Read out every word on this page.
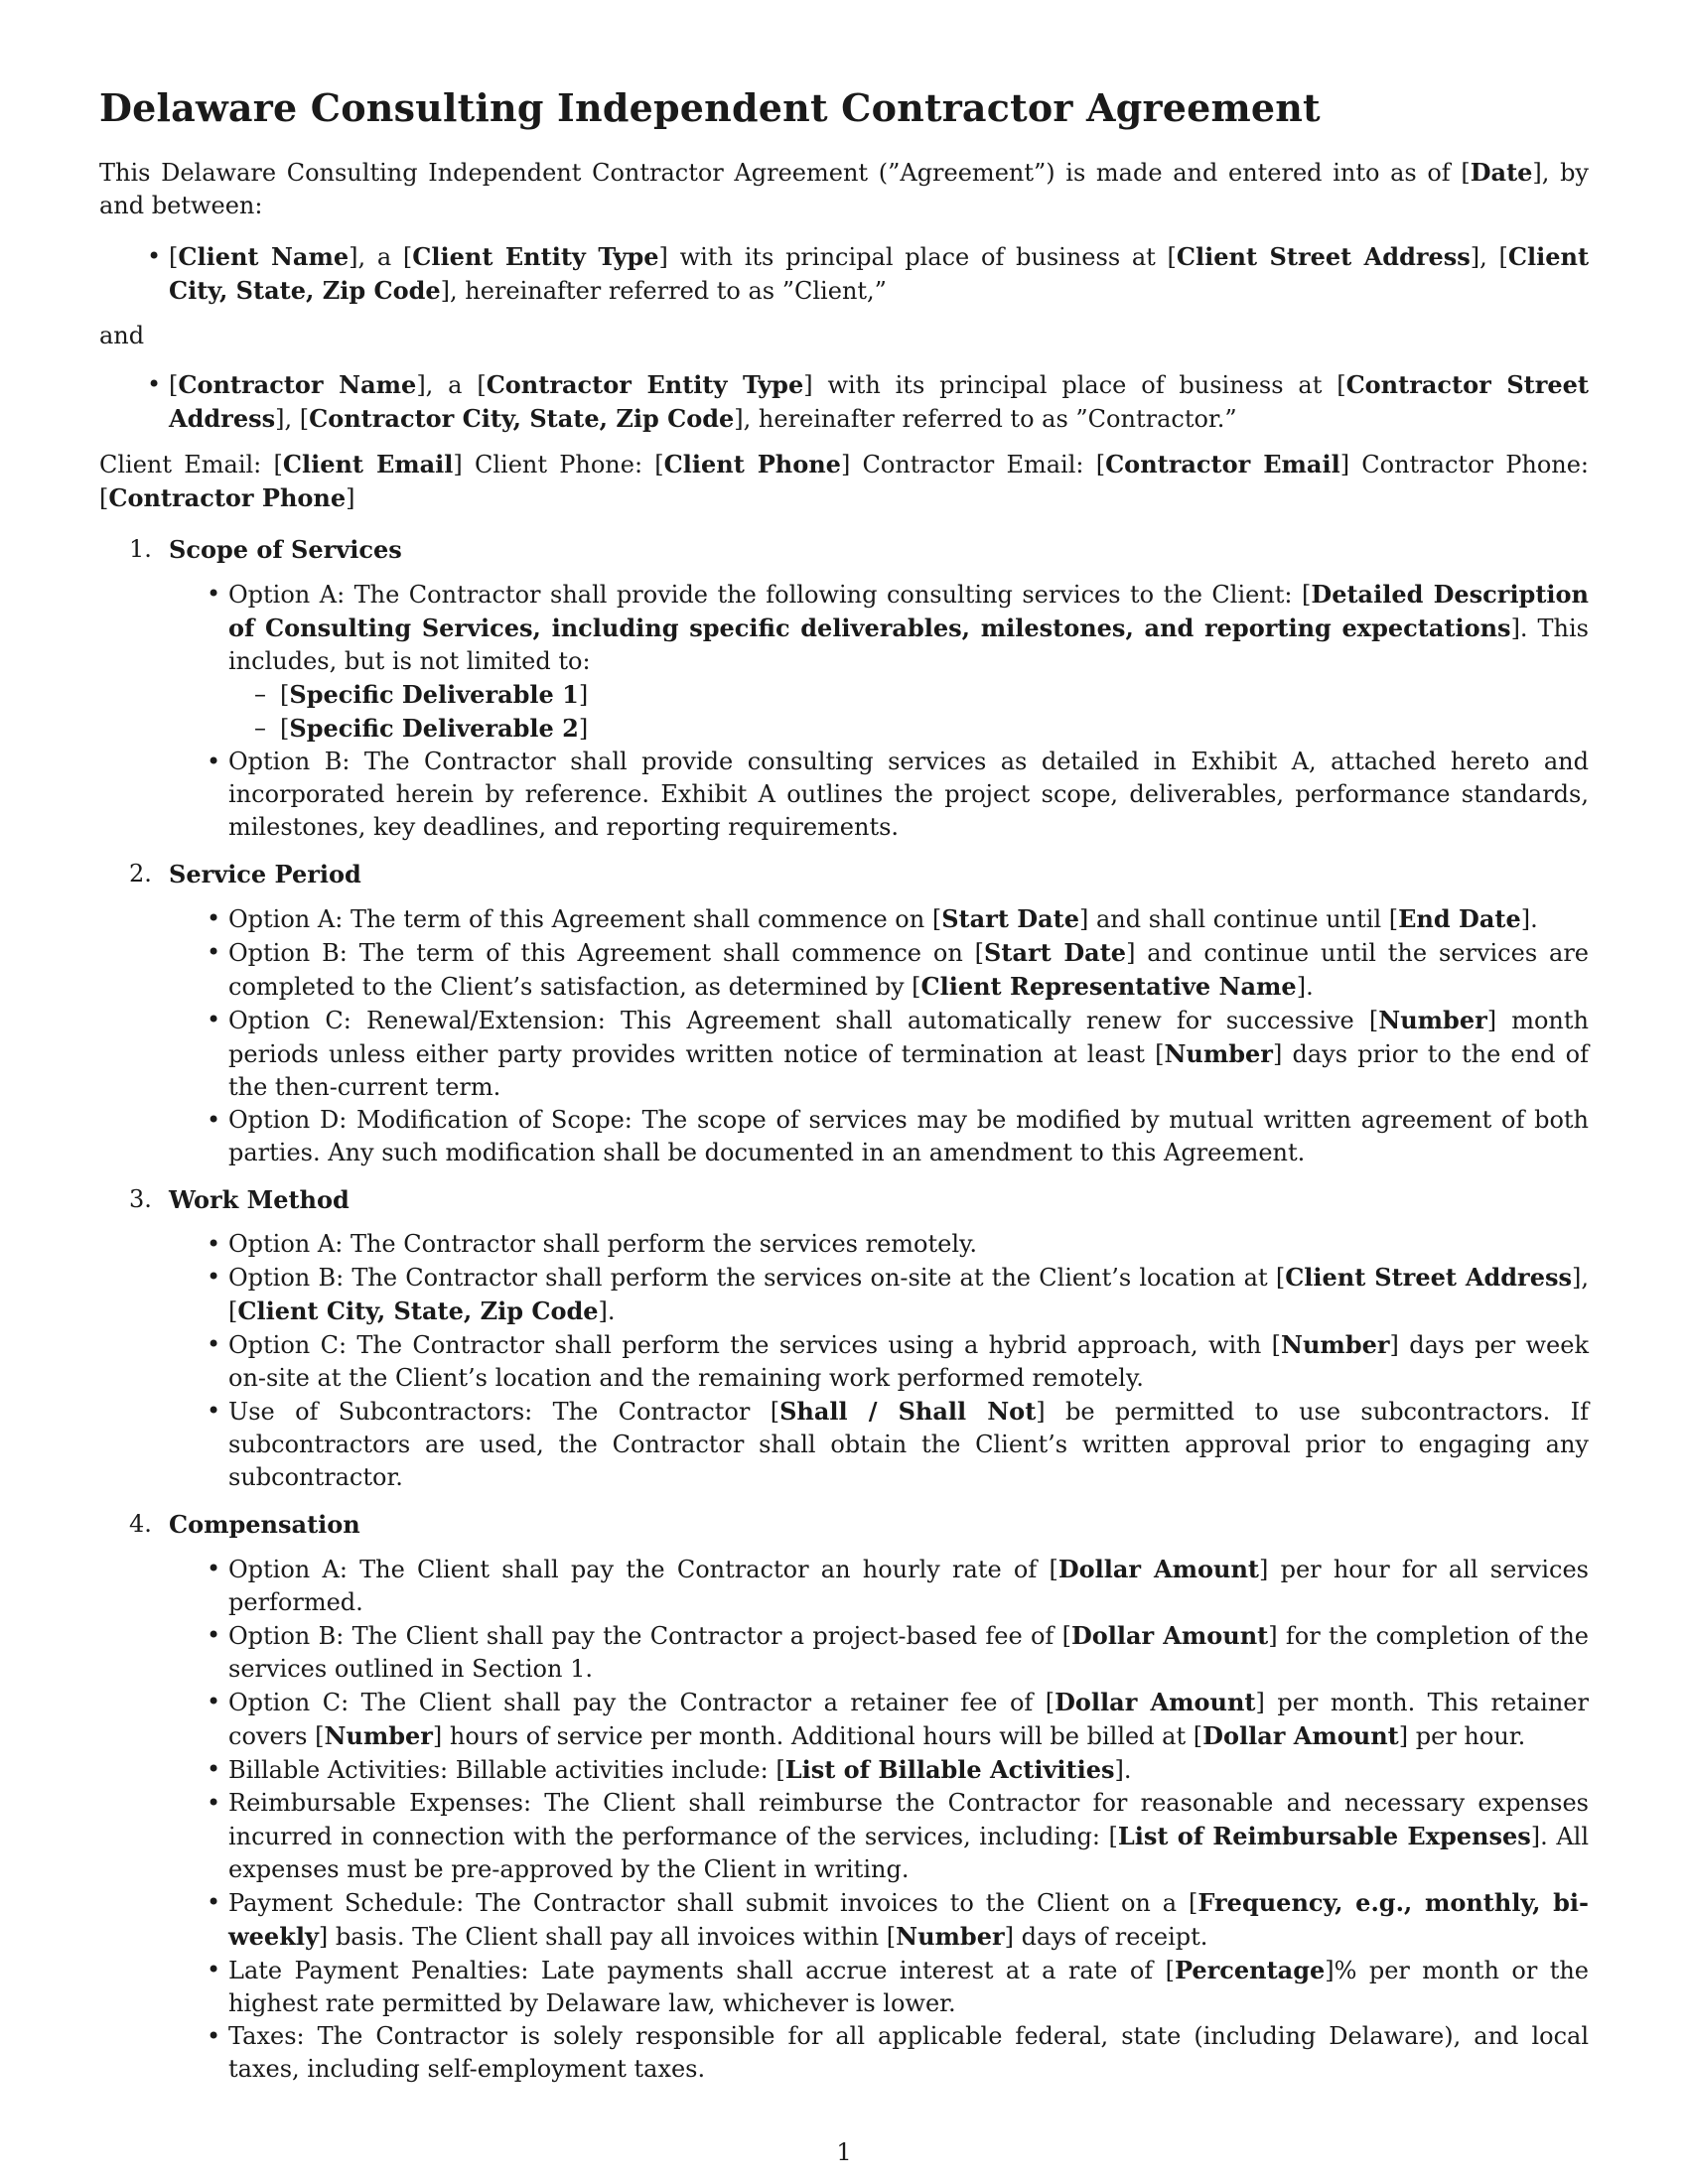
Delaware Consulting Independent Contractor Agreement

This Delaware Consulting Independent Contractor Agreement (”Agreement”) is made and entered into as of [Date], by and between:

• [Client Name], a [Client Entity Type] with its principal place of business at [Client Street Address], [Client City, State, Zip Code], hereinafter referred to as ”Client,”

and

• [Contractor Name], a [Contractor Entity Type] with its principal place of business at [Contractor Street Address], [Contractor City, State, Zip Code], hereinafter referred to as ”Contractor.”

Client Email: [Client Email] Client Phone: [Client Phone] Contractor Email: [Contractor Email] Contractor Phone: [Contractor Phone]

1. Scope of Services

• Option A: The Contractor shall provide the following consulting services to the Client: [Detailed Description of Consulting Services, including specific deliverables, milestones, and reporting expectations]. This includes, but is not limited to:

– [Specific Deliverable 1]
– [Specific Deliverable 2]
• Option B: The Contractor shall provide consulting services as detailed in Exhibit A, attached hereto and incorporated herein by reference. Exhibit A outlines the project scope, deliverables, performance standards, milestones, key deadlines, and reporting requirements.

2. Service Period

• Option A: The term of this Agreement shall commence on [Start Date] and shall continue until [End Date].
• Option B: The term of this Agreement shall commence on [Start Date] and continue until the services are completed to the Client’s satisfaction, as determined by [Client Representative Name].
• Option C: Renewal/Extension: This Agreement shall automatically renew for successive [Number] month periods unless either party provides written notice of termination at least [Number] days prior to the end of the then-current term.
• Option D: Modification of Scope: The scope of services may be modified by mutual written agreement of both parties. Any such modification shall be documented in an amendment to this Agreement.

3. Work Method

• Option A: The Contractor shall perform the services remotely.
• Option B: The Contractor shall perform the services on-site at the Client’s location at [Client Street Address], [Client City, State, Zip Code].
• Option C: The Contractor shall perform the services using a hybrid approach, with [Number] days per week on-site at the Client’s location and the remaining work performed remotely.
• Use of Subcontractors: The Contractor [Shall / Shall Not] be permitted to use subcontractors. If subcontractors are used, the Contractor shall obtain the Client’s written approval prior to engaging any subcontractor.

4. Compensation

• Option A: The Client shall pay the Contractor an hourly rate of [Dollar Amount] per hour for all services performed.
• Option B: The Client shall pay the Contractor a project-based fee of [Dollar Amount] for the completion of the services outlined in Section 1.
• Option C: The Client shall pay the Contractor a retainer fee of [Dollar Amount] per month. This retainer covers [Number] hours of service per month. Additional hours will be billed at [Dollar Amount] per hour.
• Billable Activities: Billable activities include: [List of Billable Activities].
• Reimbursable Expenses: The Client shall reimburse the Contractor for reasonable and necessary expenses incurred in connection with the performance of the services, including: [List of Reimbursable Expenses]. All expenses must be pre-approved by the Client in writing.
• Payment Schedule: The Contractor shall submit invoices to the Client on a [Frequency, e.g., monthly, bi-weekly] basis. The Client shall pay all invoices within [Number] days of receipt.
• Late Payment Penalties: Late payments shall accrue interest at a rate of [Percentage]% per month or the highest rate permitted by Delaware law, whichever is lower.
• Taxes: The Contractor is solely responsible for all applicable federal, state (including Delaware), and local taxes, including self-employment taxes.
1
